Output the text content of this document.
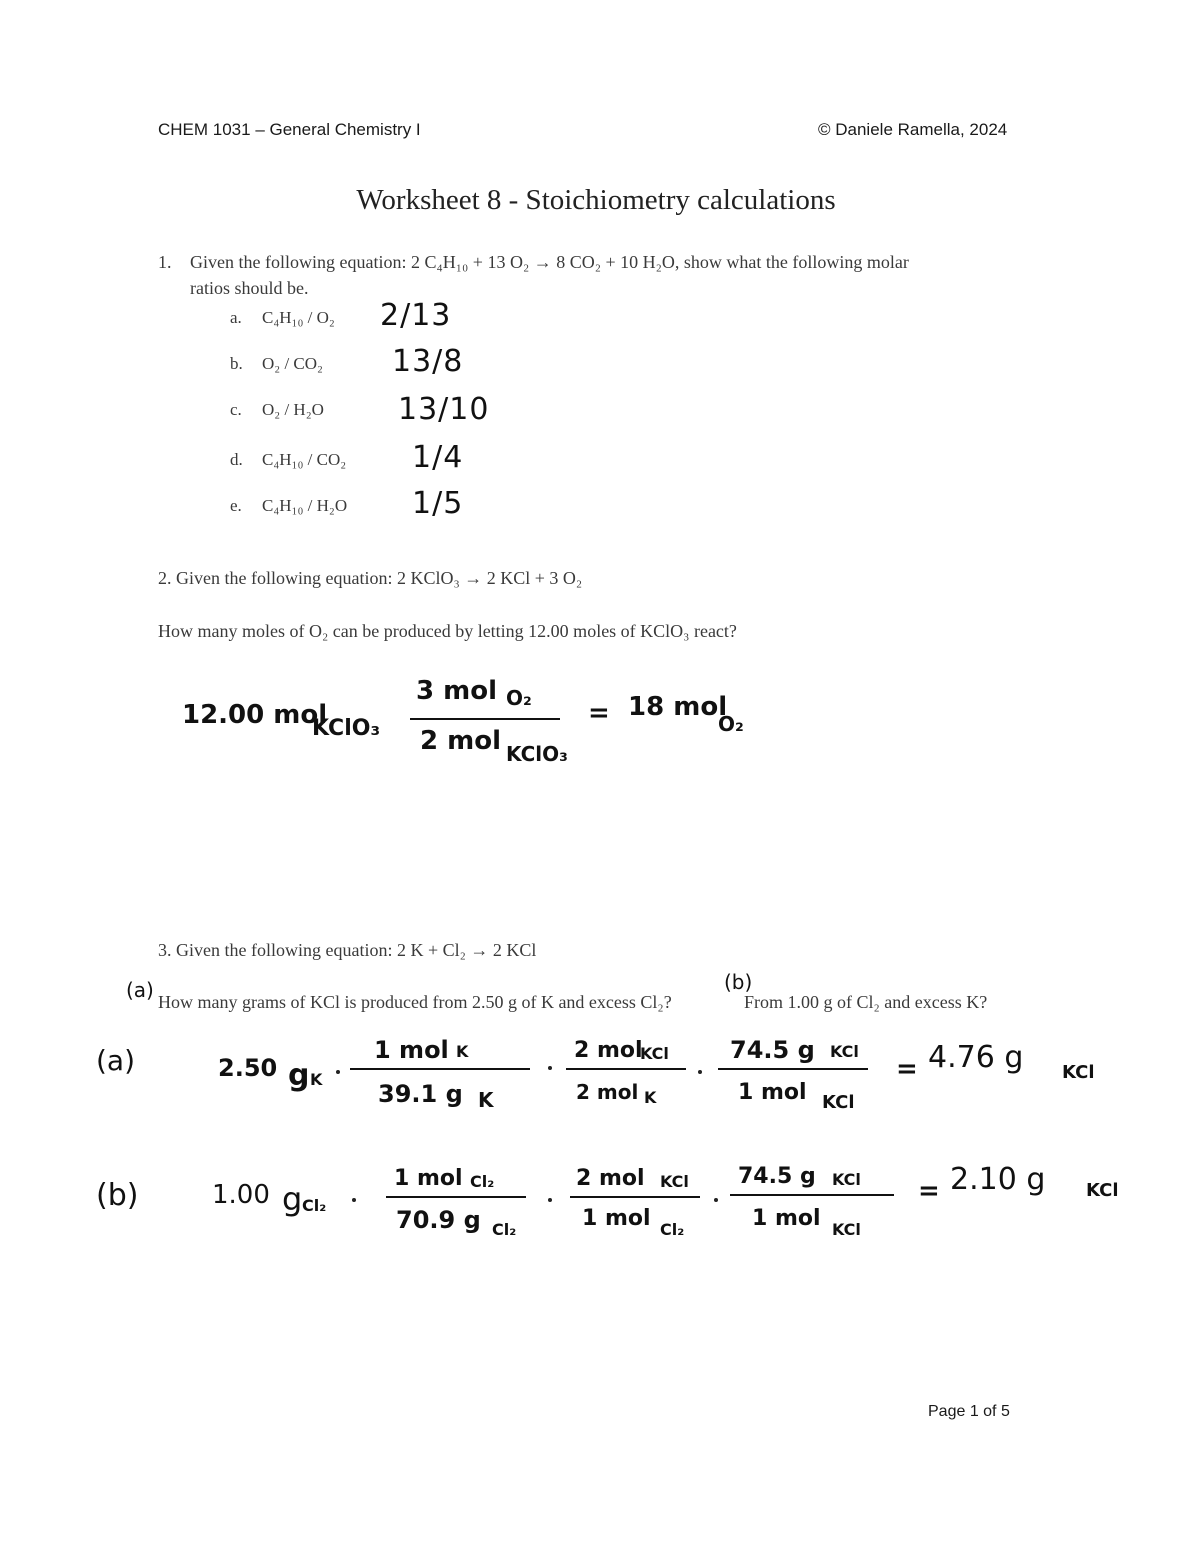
CHEM 1031 – General Chemistry I	© Daniele Ramella, 2024
Worksheet 8 - Stoichiometry calculations
1. Given the following equation: 2 C₄H₁₀ + 13 O₂ → 8 CO₂ + 10 H₂O, show what the following molar
ratios should be.
a. C₄H₁₀ / O₂ 2/13
b. O₂ / CO₂ 13/8
c. O₂ / H₂O 13/10
d. C₄H₁₀ / CO₂ 1/4
e. C₄H₁₀ / H₂O 1/5
2. Given the following equation: 2 KClO₃ → 2 KCl + 3 O₂
How many moles of O₂ can be produced by letting 12.00 moles of KClO₃ react?
12.00 mol
KClO₃
3 mol O₂
2 mol KClO₃
= 18 mol
O₂
3. Given the following equation: 2 K + Cl₂ → 2 KCl
(a)	(b)
How many grams of KCl is produced from 2.50 g of K and excess Cl₂?	From 1.00 g of Cl₂ and excess K?
(a)	2.50 g K
1 mol K
39.1 g K
2 mol
KCl
2 mol K
74.5 g KCl
1 mol KCl
= 4.76 g KCl
(b)	1.00 g Cl₂
1 mol Cl₂
70.9 g Cl₂
2 mol KCl
1 mol Cl₂
74.5 g KCl
1 mol KCl
= 2.10 g KCl
Page 1 of 5
